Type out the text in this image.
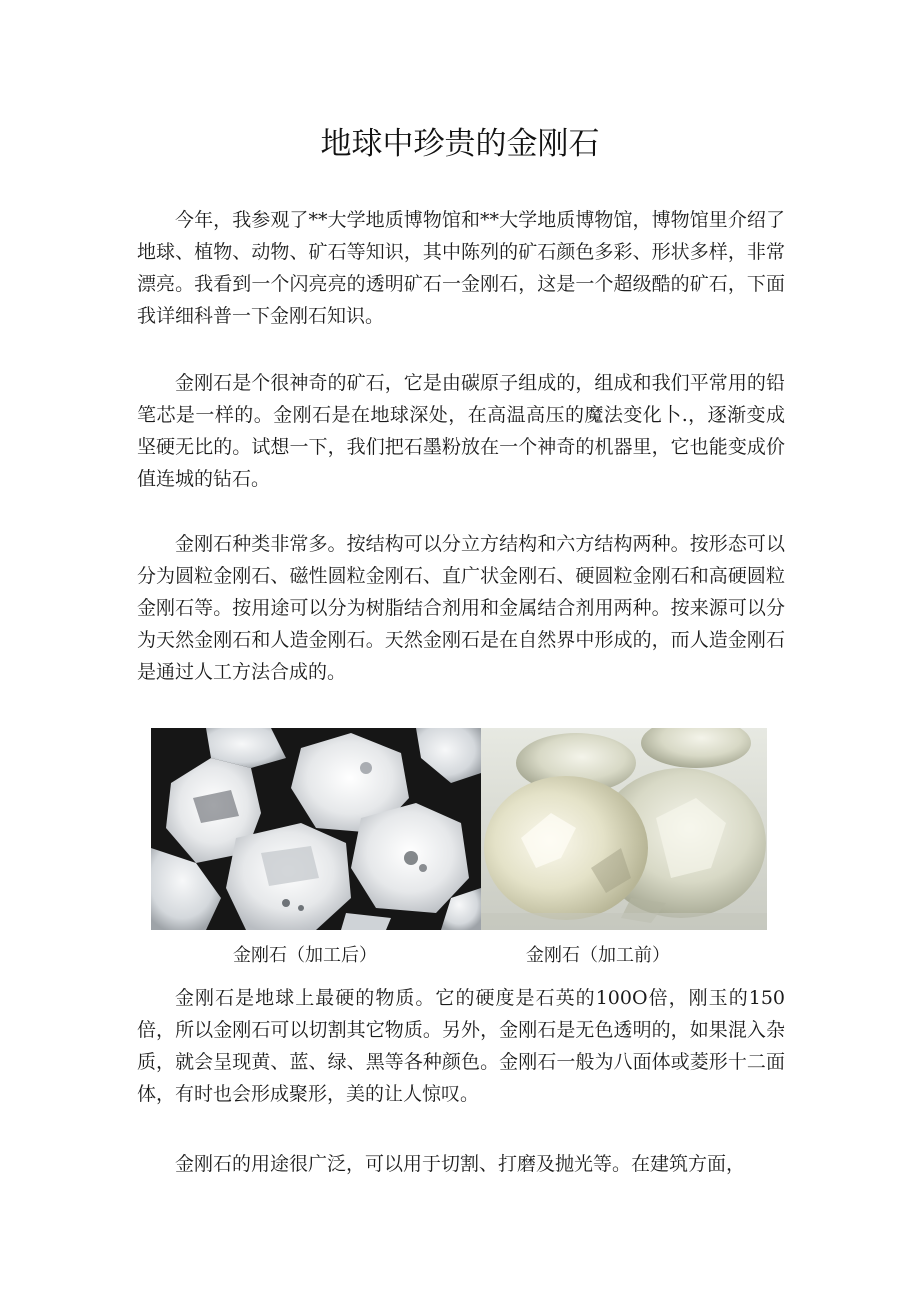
地球中珍贵的金刚石

今年，我参观了**大学地质博物馆和**大学地质博物馆，博物馆里介绍了地球、植物、动物、矿石等知识，其中陈列的矿石颜色多彩、形状多样，非常漂亮。我看到一个闪亮亮的透明矿石一金刚石，这是一个超级酷的矿石，下面我详细科普一下金刚石知识。

金刚石是个很神奇的矿石，它是由碳原子组成的，组成和我们平常用的铅笔芯是一样的。金刚石是在地球深处，在高温高压的魔法变化卜.，逐渐变成坚硬无比的。试想一下，我们把石墨粉放在一个神奇的机器里，它也能变成价值连城的钻石。

金刚石种类非常多。按结构可以分立方结构和六方结构两种。按形态可以分为圆粒金刚石、磁性圆粒金刚石、直广状金刚石、硬圆粒金刚石和高硬圆粒金刚石等。按用途可以分为树脂结合剂用和金属结合剂用两种。按来源可以分为天然金刚石和人造金刚石。天然金刚石是在自然界中形成的，而人造金刚石是通过人工方法合成的。

金刚石（加工后）	金刚石（加工前）

金刚石是地球上最硬的物质。它的硬度是石英的100O倍，刚玉的150倍，所以金刚石可以切割其它物质。另外，金刚石是无色透明的，如果混入杂质，就会呈现黄、蓝、绿、黑等各种颜色。金刚石一般为八面体或菱形十二面体，有时也会形成聚形，美的让人惊叹。

金刚石的用途很广泛，可以用于切割、打磨及抛光等。在建筑方面，
